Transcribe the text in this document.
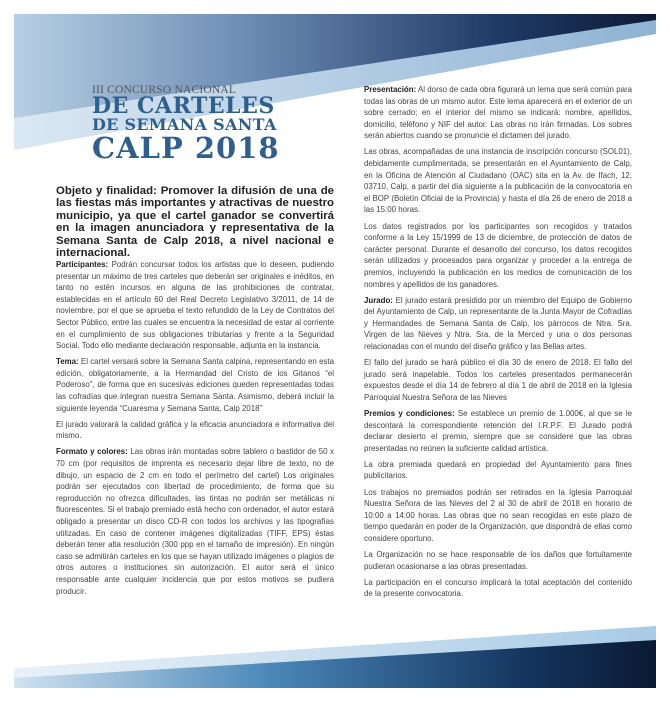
III CONCURSO NACIONAL
DE CARTELES
DE SEMANA SANTA
CALP 2018
Objeto y finalidad: Promover la difusión de una de las fiestas más importantes y atractivas de nuestro municipio, ya que el cartel ganador se convertirá en la imagen anunciadora y representativa de la Semana Santa de Calp 2018, a nivel nacional e internacional.

Participantes: Podrán concursar todos los artistas que lo deseen, pudiendo presentar un máximo de tres carteles que deberán ser originales e inéditos, en tanto no estén incursos en alguna de las prohibiciones de contratar, establecidas en el artículo 60 del Real Decreto Legislativo 3/2011, de 14 de noviembre, por el que se aprueba el texto refundido de la Ley de Contratos del Sector Público, entre las cuales se encuentra la necesidad de estar al corriente en el cumplimiento de sus obligaciones tributarias y frente a la Seguridad Social. Todo ello mediante declaración responsable, adjunta en la instancia.

Tema: El cartel versará sobre la Semana Santa calpina, representando en esta edición, obligatoriamente, a la Hermandad del Cristo de los Gitanos “el Poderoso”, de forma que en sucesivas ediciones queden representadas todas las cofradías que integran nuestra Semana Santa. Asimismo, deberá incluir la siguiente leyenda “Cuaresma y Semana Santa, Calp 2018”

El jurado valorará la calidad gráfica y la eficacia anunciadora e informativa del mismo.

Formato y colores: Las obras irán montadas sobre tablero o bastidor de 50 x 70 cm (por requisitos de imprenta es necesario dejar libre de texto, no de dibujo, un espacio de 2 cm en todo el perímetro del cartel) Los originales podrán ser ejecutados con libertad de procedimiento, de forma que su reproducción no ofrezca dificultades, las tintas no podrán ser metálicas ni fluorescentes. Si el trabajo premiado está hecho con ordenador, el autor estará obligado a presentar un disco CD-R con todos los archivos y las tipografías utilizadas. En caso de contener imágenes digitalizadas (TIFF, EPS) éstas deberán tener alta resolución (300 ppp en el tamaño de impresión). En ningún caso se admitirán carteles en los que se hayan utilizado imágenes o plagios de otros autores o instituciones sin autorización. El autor será el único responsable ante cualquier incidencia que por estos motivos se pudiera producir.

Presentación: Al dorso de cada obra figurará un lema que será común para todas las obras de un mismo autor. Este lema aparecerá en el exterior de un sobre cerrado; en el interior del mismo se indicará: nombre, apellidos, domicilio, teléfono y NIF del autor. Las obras no irán firmadas. Los sobres serán abiertos cuando se pronuncie el dictamen del jurado.

Las obras, acompañadas de una instancia de inscripción concurso (SOL01), debidamente cumplimentada, se presentarán en el Ayuntamiento de Calp, en la Oficina de Atención al Ciudadano (OAC) sita en la Av. de Ifach, 12, 03710, Calp, a partir del día siguiente a la publicación de la convocatoria en el BOP (Boletín Oficial de la Provincia) y hasta el día 26 de enero de 2018 a las 15:00 horas.

Los datos registrados por los participantes son recogidos y tratados conforme a la Ley 15/1999 de 13 de diciembre, de protección de datos de carácter personal. Durante el desarrollo del concurso, los datos recogidos serán utilizados y procesados para organizar y proceder a la entrega de premios, incluyendo la publicación en los medios de comunicación de los nombres y apellidos de los ganadores.

Jurado: El jurado estará presidido por un miembro del Equipo de Gobierno del Ayuntamiento de Calp, un representante de la Junta Mayor de Cofradías y Hermandades de Semana Santa de Calp, los párrocos de Ntra. Sra. Virgen de las Nieves y Ntra. Sra. de la Merced y una o dos personas relacionadas con el mundo del diseño gráfico y las Bellas artes.

El fallo del jurado se hará público el día 30 de enero de 2018. El fallo del jurado será inapelable. Todos los carteles presentados permanecerán expuestos desde el día 14 de febrero al día 1 de abril de 2018 en la Iglesia Parroquial Nuestra Señora de las Nieves

Premios y condiciones: Se establece un premio de 1.000€, al que se le descontará la correspondiente retención del I.R.P.F. El Jurado podrá declarar desierto el premio, siempre que se considere que las obras presentadas no reúnen la suficiente calidad artística.

La obra premiada quedará en propiedad del Ayuntamiento para fines publicitarios.

Los trabajos no premiados podrán ser retirados en la Iglesia Parroquial Nuestra Señora de las Nieves del 2 al 30 de abril de 2018 en horario de 10:00 a 14:00 horas. Las obras que no sean recogidas en este plazo de tiempo quedarán en poder de la Organización, que dispondrá de ellas como considere oportuno.

La Organización no se hace responsable de los daños que fortuitamente pudieran ocasionarse a las obras presentadas.

La participación en el concurso implicará la total aceptación del contenido de la presente convocatoria.
